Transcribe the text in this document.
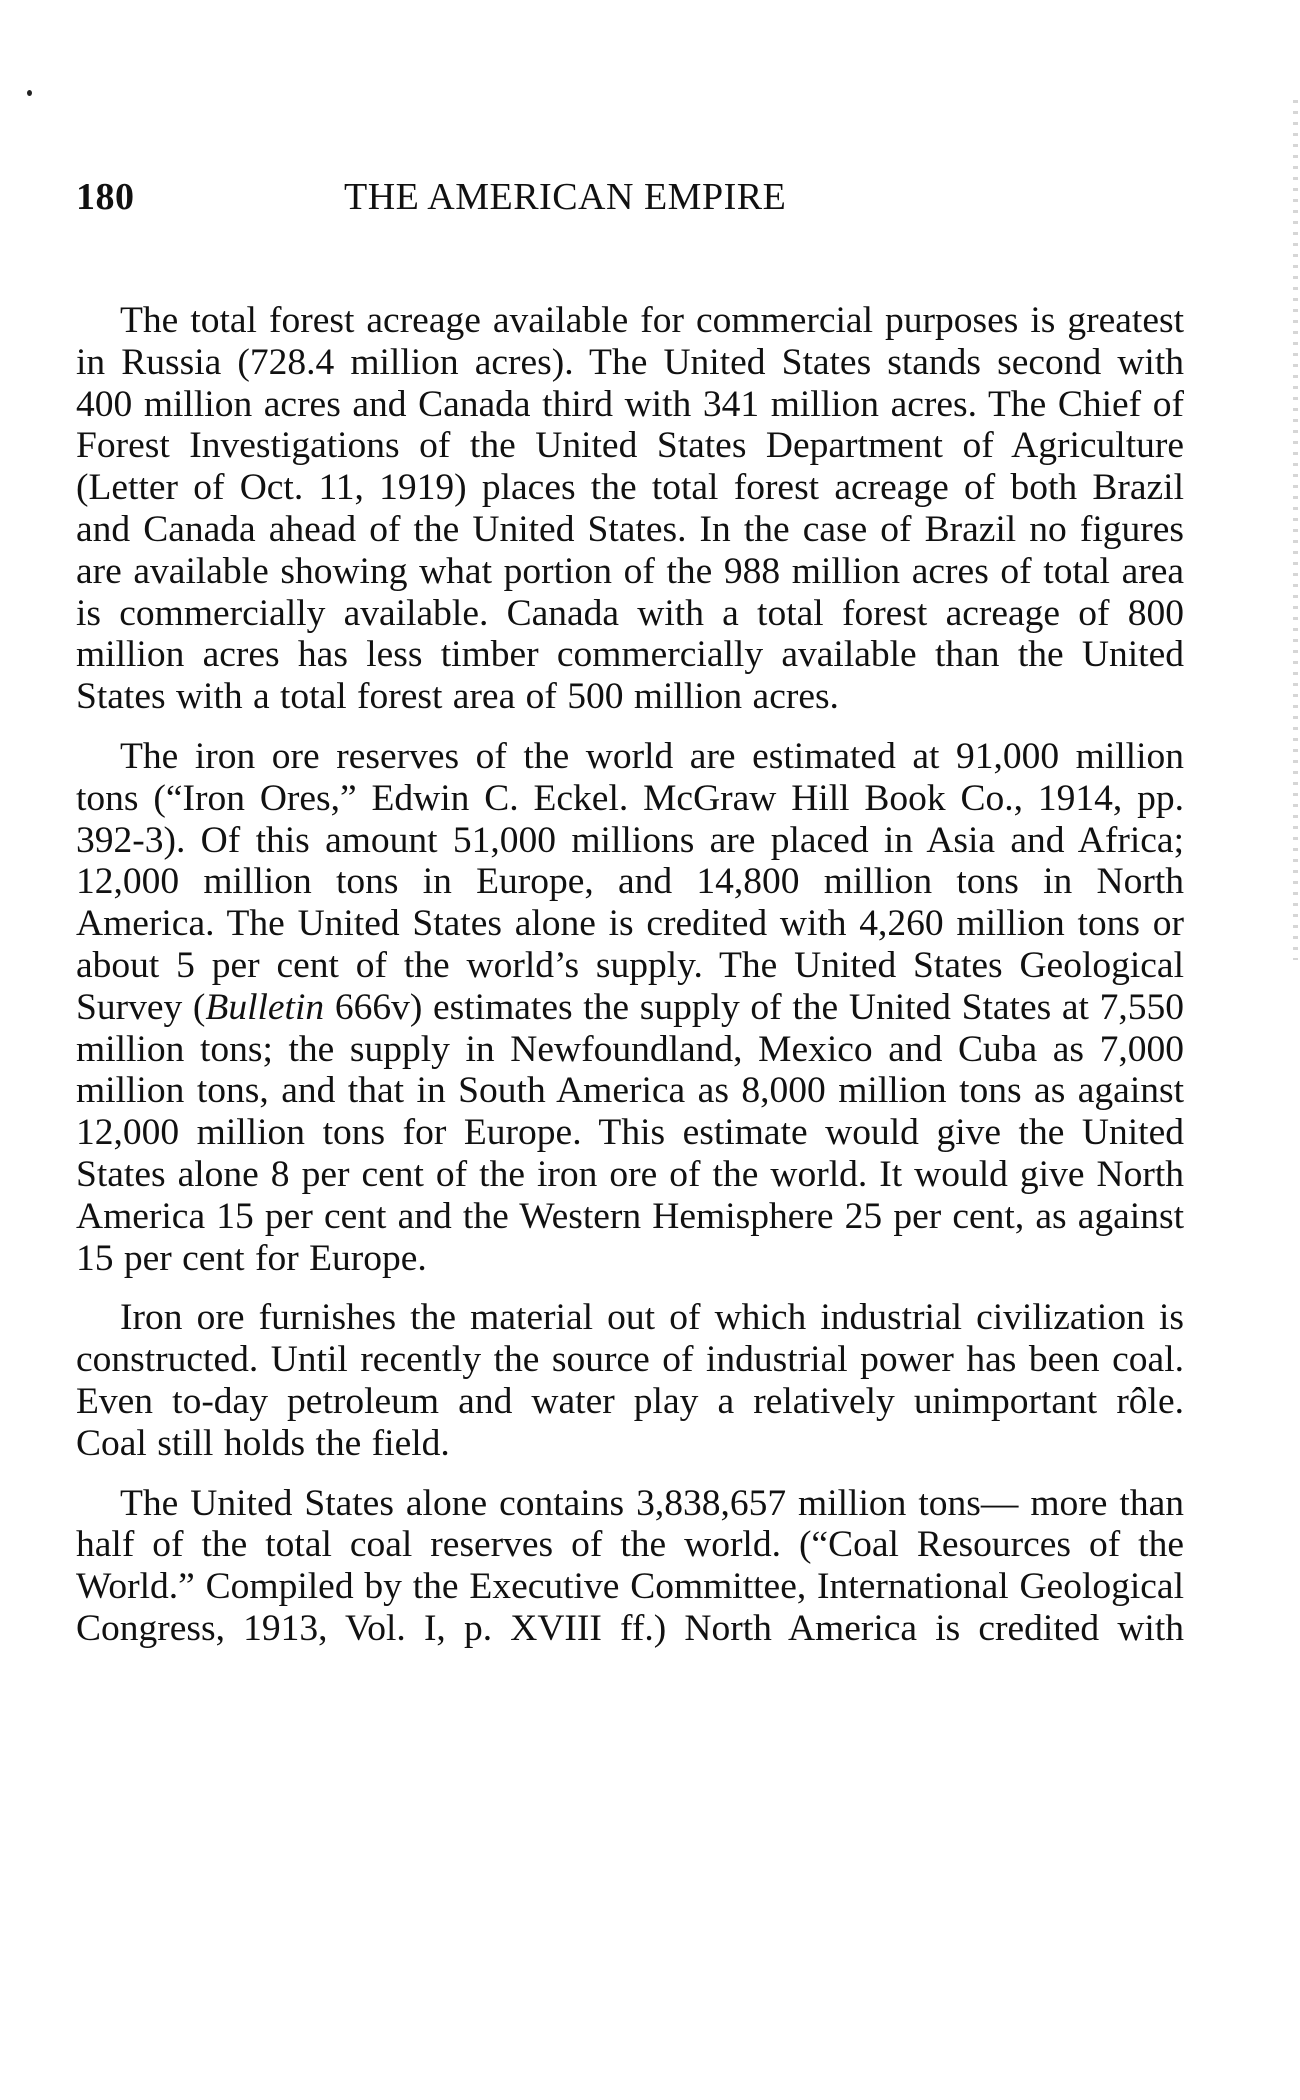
180	THE AMERICAN EMPIRE

The total forest acreage available for commercial purposes is greatest in Russia (728.4 million acres). The United States stands second with 400 million acres and Canada third with 341 million acres. The Chief of Forest Investigations of the United States Department of Agriculture (Letter of Oct. 11, 1919) places the total forest acreage of both Brazil and Canada ahead of the United States. In the case of Brazil no figures are available showing what portion of the 988 million acres of total area is commercially available. Canada with a total forest acreage of 800 million acres has less timber commercially available than the United States with a total forest area of 500 million acres.

The iron ore reserves of the world are estimated at 91,000 million tons (“Iron Ores,” Edwin C. Eckel. McGraw Hill Book Co., 1914, pp. 392-3). Of this amount 51,000 millions are placed in Asia and Africa; 12,000 million tons in Europe, and 14,800 million tons in North America. The United States alone is credited with 4,260 million tons or about 5 per cent of the world’s supply. The United States Geological Survey (Bulletin 666v) estimates the supply of the United States at 7,550 million tons; the supply in Newfoundland, Mexico and Cuba as 7,000 million tons, and that in South America as 8,000 million tons as against 12,000 million tons for Europe. This estimate would give the United States alone 8 per cent of the iron ore of the world. It would give North America 15 per cent and the Western Hemisphere 25 per cent, as against 15 per cent for Europe.

Iron ore furnishes the material out of which industrial civilization is constructed. Until recently the source of industrial power has been coal. Even to-day petroleum and water play a relatively unimportant rôle. Coal still holds the field.

The United States alone contains 3,838,657 million tons— more than half of the total coal reserves of the world. (“Coal Resources of the World.” Compiled by the Executive Committee, International Geological Congress, 1913, Vol. I, p. XVIII ff.) North America is credited with
